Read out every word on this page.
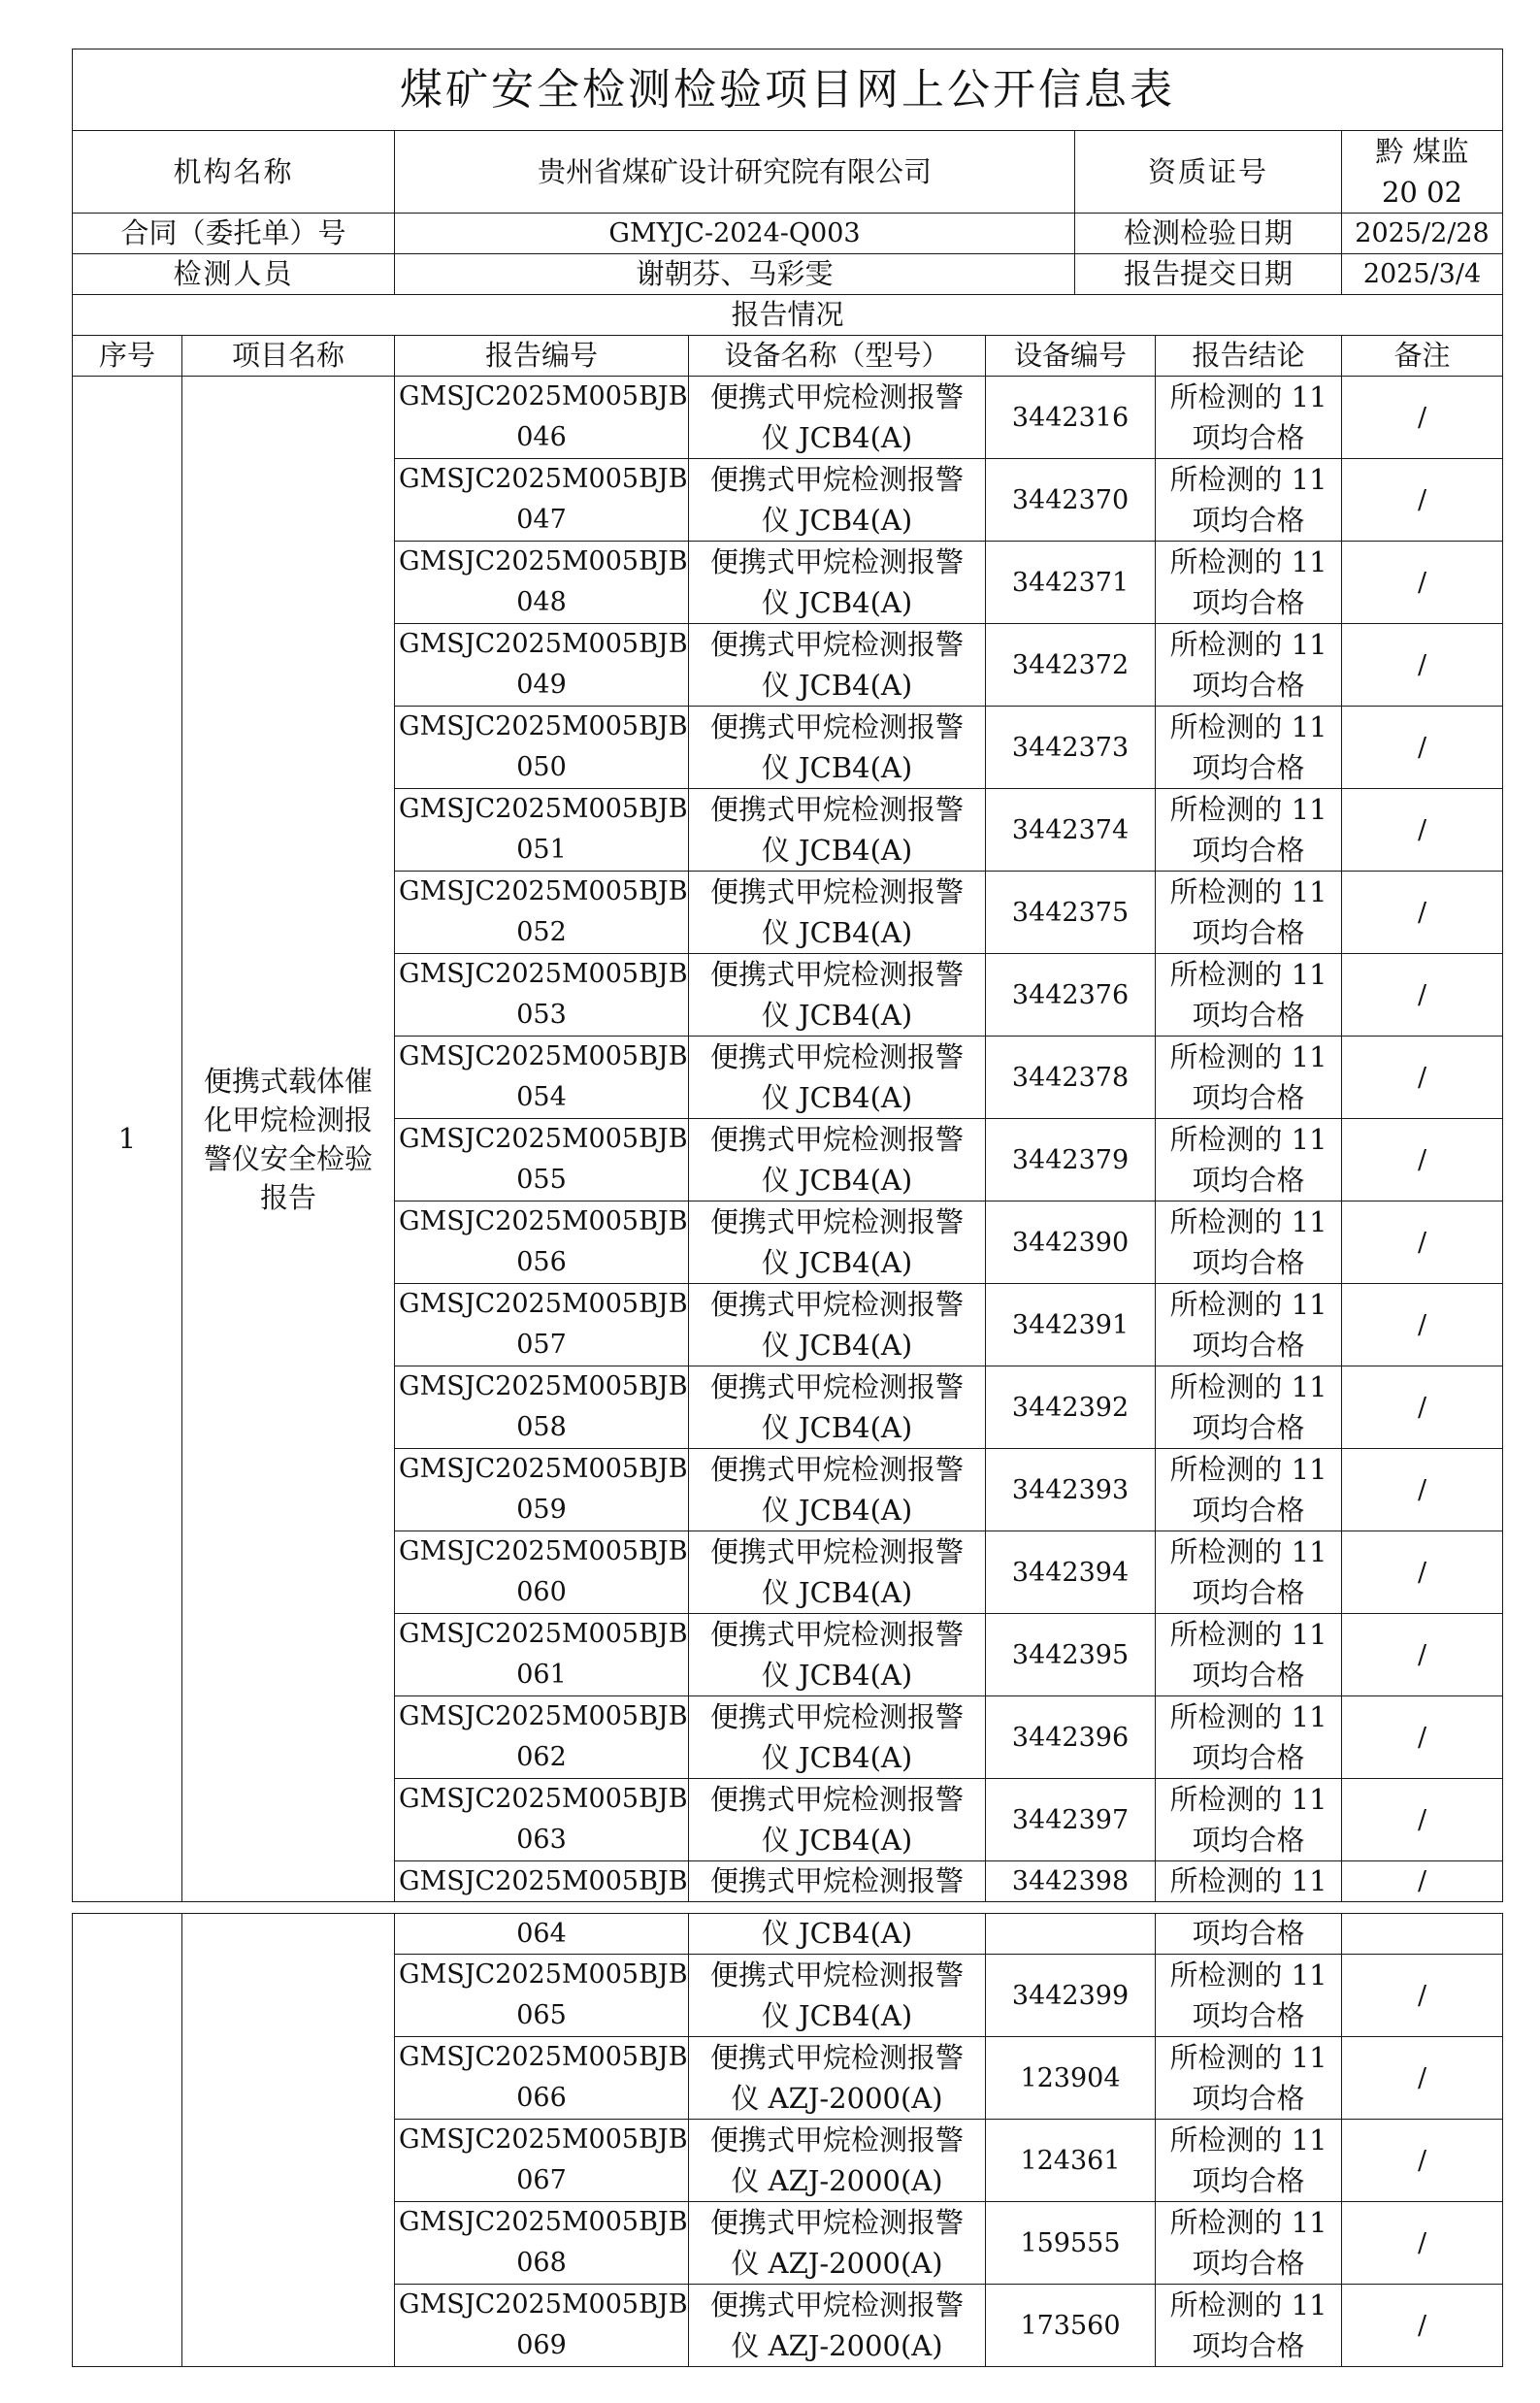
煤矿安全检测检验项目网上公开信息表							
机构名称		贵州省煤矿设计研究院有限公司			资质证号		黔 煤监
20 02

合同（委托单）号		GMYJC-2024-Q003			检测检验日期		2025/2/28
检测人员		谢朝芬、马彩雯			报告提交日期		2025/3/4
报告情况							
序号	项目名称	报告编号	设备名称（型号）	设备编号		报告结论	备注
1	便携式载体催
化甲烷检测报
警仪安全检验
报告	GMSJC2025M005BJB
046	便携式甲烷检测报警
仪 JCB4(A)	3442316		所检测的 11
项均合格	/

		GMSJC2025M005BJB
047	便携式甲烷检测报警
仪 JCB4(A)	3442370		所检测的 11
项均合格	/

		GMSJC2025M005BJB
048	便携式甲烷检测报警
仪 JCB4(A)	3442371		所检测的 11
项均合格	/

		GMSJC2025M005BJB
049	便携式甲烷检测报警
仪 JCB4(A)	3442372		所检测的 11
项均合格	/

		GMSJC2025M005BJB
050	便携式甲烷检测报警
仪 JCB4(A)	3442373		所检测的 11
项均合格	/

		GMSJC2025M005BJB
051	便携式甲烷检测报警
仪 JCB4(A)	3442374		所检测的 11
项均合格	/

		GMSJC2025M005BJB
052	便携式甲烷检测报警
仪 JCB4(A)	3442375		所检测的 11
项均合格	/

		GMSJC2025M005BJB
053	便携式甲烷检测报警
仪 JCB4(A)	3442376		所检测的 11
项均合格	/

		GMSJC2025M005BJB
054	便携式甲烷检测报警
仪 JCB4(A)	3442378		所检测的 11
项均合格	/

		GMSJC2025M005BJB
055	便携式甲烷检测报警
仪 JCB4(A)	3442379		所检测的 11
项均合格	/

		GMSJC2025M005BJB
056	便携式甲烷检测报警
仪 JCB4(A)	3442390		所检测的 11
项均合格	/

		GMSJC2025M005BJB
057	便携式甲烷检测报警
仪 JCB4(A)	3442391		所检测的 11
项均合格	/

		GMSJC2025M005BJB
058	便携式甲烷检测报警
仪 JCB4(A)	3442392		所检测的 11
项均合格	/

		GMSJC2025M005BJB
059	便携式甲烷检测报警
仪 JCB4(A)	3442393		所检测的 11
项均合格	/

		GMSJC2025M005BJB
060	便携式甲烷检测报警
仪 JCB4(A)	3442394		所检测的 11
项均合格	/

		GMSJC2025M005BJB
061	便携式甲烷检测报警
仪 JCB4(A)	3442395		所检测的 11
项均合格	/

		GMSJC2025M005BJB
062	便携式甲烷检测报警
仪 JCB4(A)	3442396		所检测的 11
项均合格	/

		GMSJC2025M005BJB
063	便携式甲烷检测报警
仪 JCB4(A)	3442397		所检测的 11
项均合格	/
		GMSJC2025M005BJB	便携式甲烷检测报警	3442398		所检测的 11	/
		064	仪 JCB4(A)		项均合格	

		GMSJC2025M005BJB
065	便携式甲烷检测报警
仪 JCB4(A)	3442399	所检测的 11
项均合格	/

		GMSJC2025M005BJB
066	便携式甲烷检测报警
仪 AZJ-2000(A)	123904	所检测的 11
项均合格	/

		GMSJC2025M005BJB
067	便携式甲烷检测报警
仪 AZJ-2000(A)	124361	所检测的 11
项均合格	/

		GMSJC2025M005BJB
068	便携式甲烷检测报警
仪 AZJ-2000(A)	159555	所检测的 11
项均合格	/

		GMSJC2025M005BJB
069	便携式甲烷检测报警
仪 AZJ-2000(A)	173560	所检测的 11
项均合格	/
